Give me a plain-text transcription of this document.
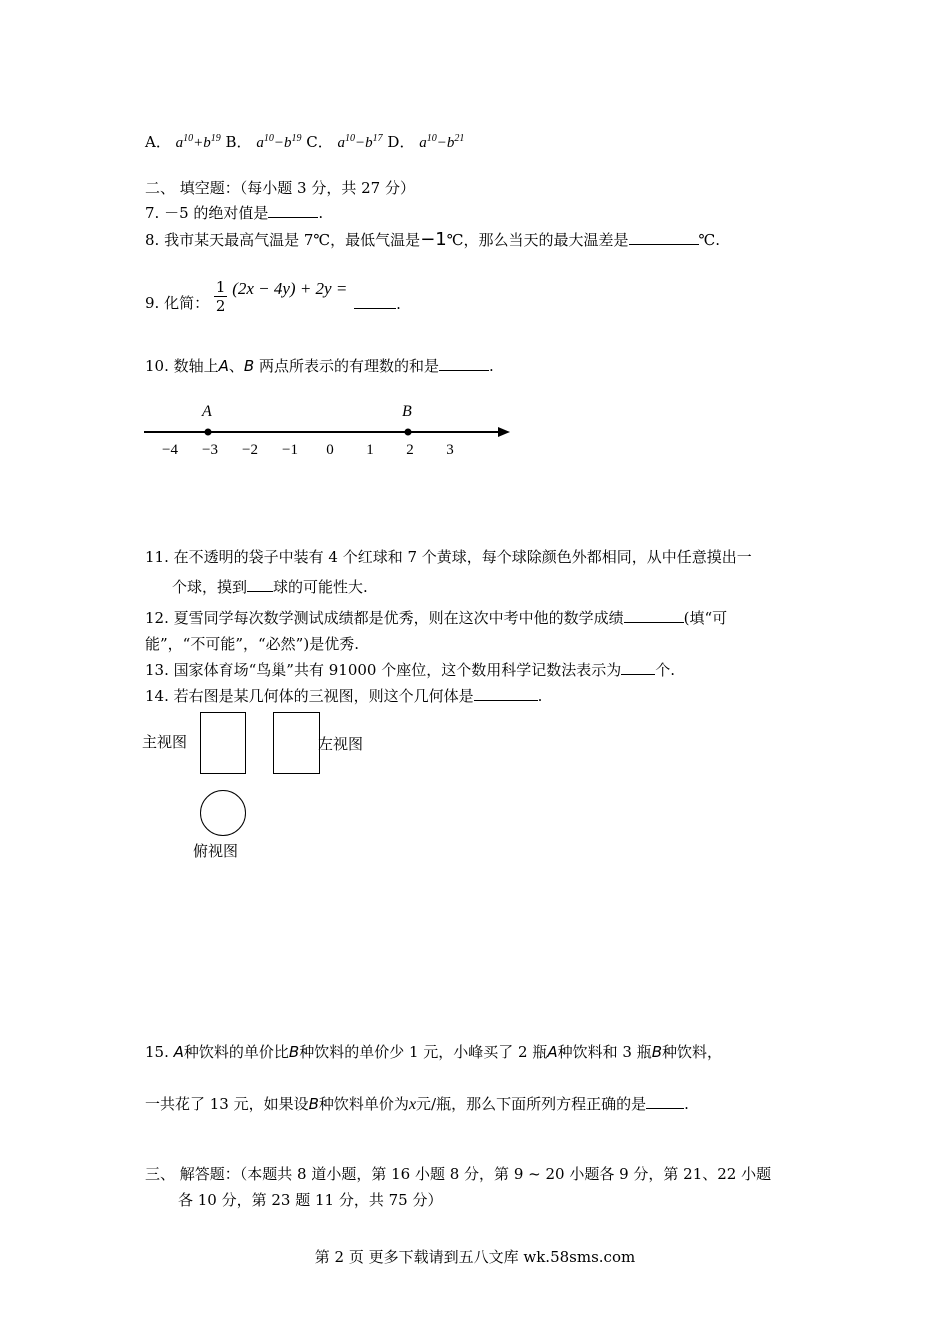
A． $a^{10}+b^{19}$ B． $a^{10}-b^{19}$ C． $a^{10}-b^{17}$ D． $a^{10}-b^{21}$
二、 填空题：（每小题 3 分，共 27 分）
7. －5 的绝对值是	.
8. 我市某天最高气温是 7℃，最低气温是−1℃，那么当天的最大温差是	℃.
9. 化简： $\frac{1}{2} (2x - 4y) + 2y$ = .
10. 数轴上A、B 两点所表示的有理数的和是	.
−4 −3 −2 −1 0 1 2 3
A	B
11. 在不透明的袋子中装有 4 个红球和 7 个黄球，每个球除颜色外都相同，从中任意摸出一
个球，摸到 球的可能性大.
12. 夏雪同学每次数学测试成绩都是优秀，则在这次中考中他的数学成绩	(填“可
能”，“不可能”，“必然”)是优秀.
13. 国家体育场“鸟巢”共有 91000 个座位，这个数用科学记数法表示为 个.
14. 若右图是某几何体的三视图，则这个几何体是	.
主视图	左视图
俯视图
15. A种饮料的单价比B种饮料的单价少 1 元，小峰买了 2 瓶A种饮料和 3 瓶B种饮料，
一共花了 13 元，如果设B种饮料单价为x元/瓶，那么下面所列方程正确的是	.
三、 解答题：（本题共 8 道小题，第 16 小题 8 分，第 9 ~ 20 小题各 9 分，第 21、22 小题
各 10 分，第 23 题 11 分，共 75 分）
第 2 页 更多下载请到五八文库 wk.58sms.com
